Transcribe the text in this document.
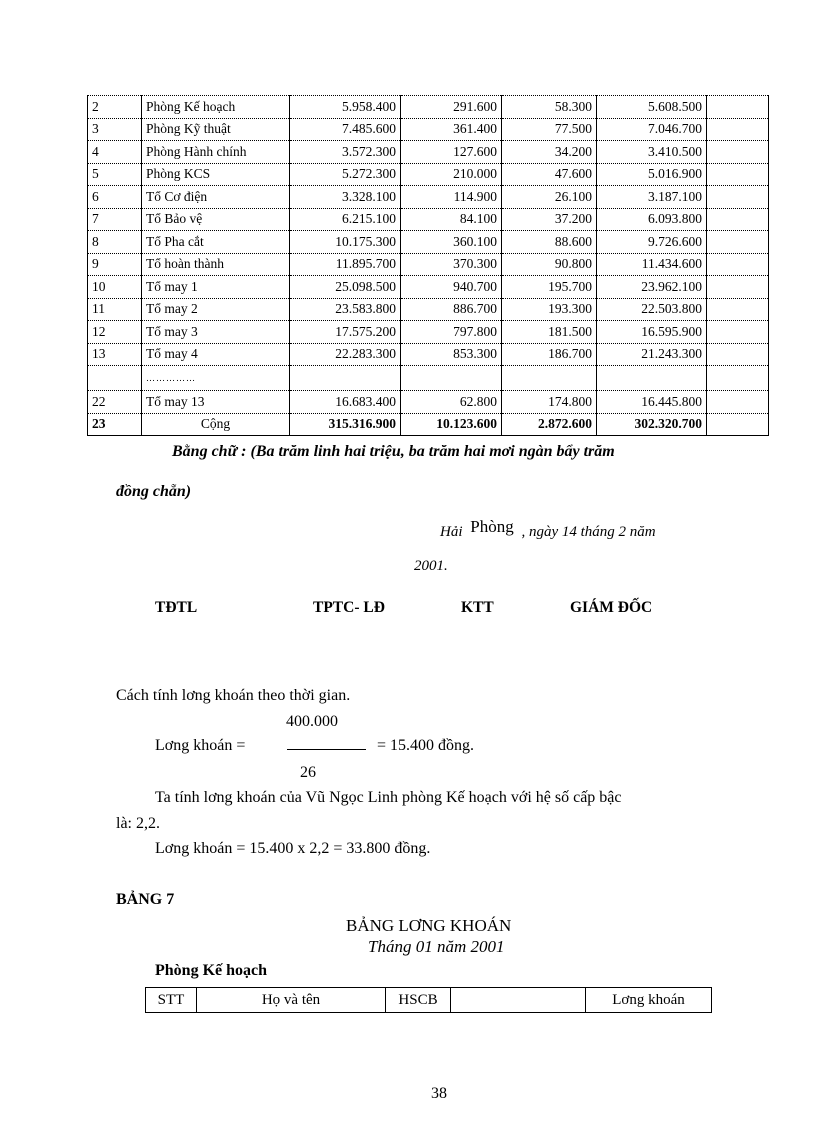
2	Phòng Kế hoạch	5.958.400	291.600	58.300	5.608.500	
3	Phòng Kỹ thuật	7.485.600	361.400	77.500	7.046.700	
4	Phòng Hành chính	3.572.300	127.600	34.200	3.410.500	
5	Phòng KCS	5.272.300	210.000	47.600	5.016.900	
6	Tổ Cơ điện	3.328.100	114.900	26.100	3.187.100	
7	Tổ Bảo vệ	6.215.100	84.100	37.200	6.093.800	
8	Tổ Pha cắt	10.175.300	360.100	88.600	9.726.600	
9	Tổ hoàn thành	11.895.700	370.300	90.800	11.434.600	
10	Tổ may 1	25.098.500	940.700	195.700	23.962.100	
11	Tổ may 2	23.583.800	886.700	193.300	22.503.800	
12	Tổ may 3	17.575.200	797.800	181.500	16.595.900	
13	Tổ may 4	22.283.300	853.300	186.700	21.243.300	
	……………					
22	Tổ may 13	16.683.400	62.800	174.800	16.445.800	
23	Cộng	315.316.900	10.123.600	2.872.600	302.320.700	
Bằng chữ : (Ba trăm linh hai triệu, ba trăm hai mơi ngàn bẩy trăm
đồng chẵn)
Hải Phòng , ngày 14 tháng 2 năm
2001.
TĐTL	TPTC- LĐ	KTT	GIÁM ĐỐC
Cách tính lơng khoán theo thời gian.
400.000
Lơng khoán =	= 15.400 đồng.
26
Ta tính lơng khoán của Vũ Ngọc Linh phòng Kế hoạch với hệ số cấp bậc
là: 2,2.
Lơng khoán = 15.400 x 2,2 = 33.800 đồng.
BẢNG 7
BẢNG LƠNG KHOÁN
Tháng 01 năm 2001
Phòng Kế hoạch
STT	Họ và tên	HSCB		Lơng khoán
38
